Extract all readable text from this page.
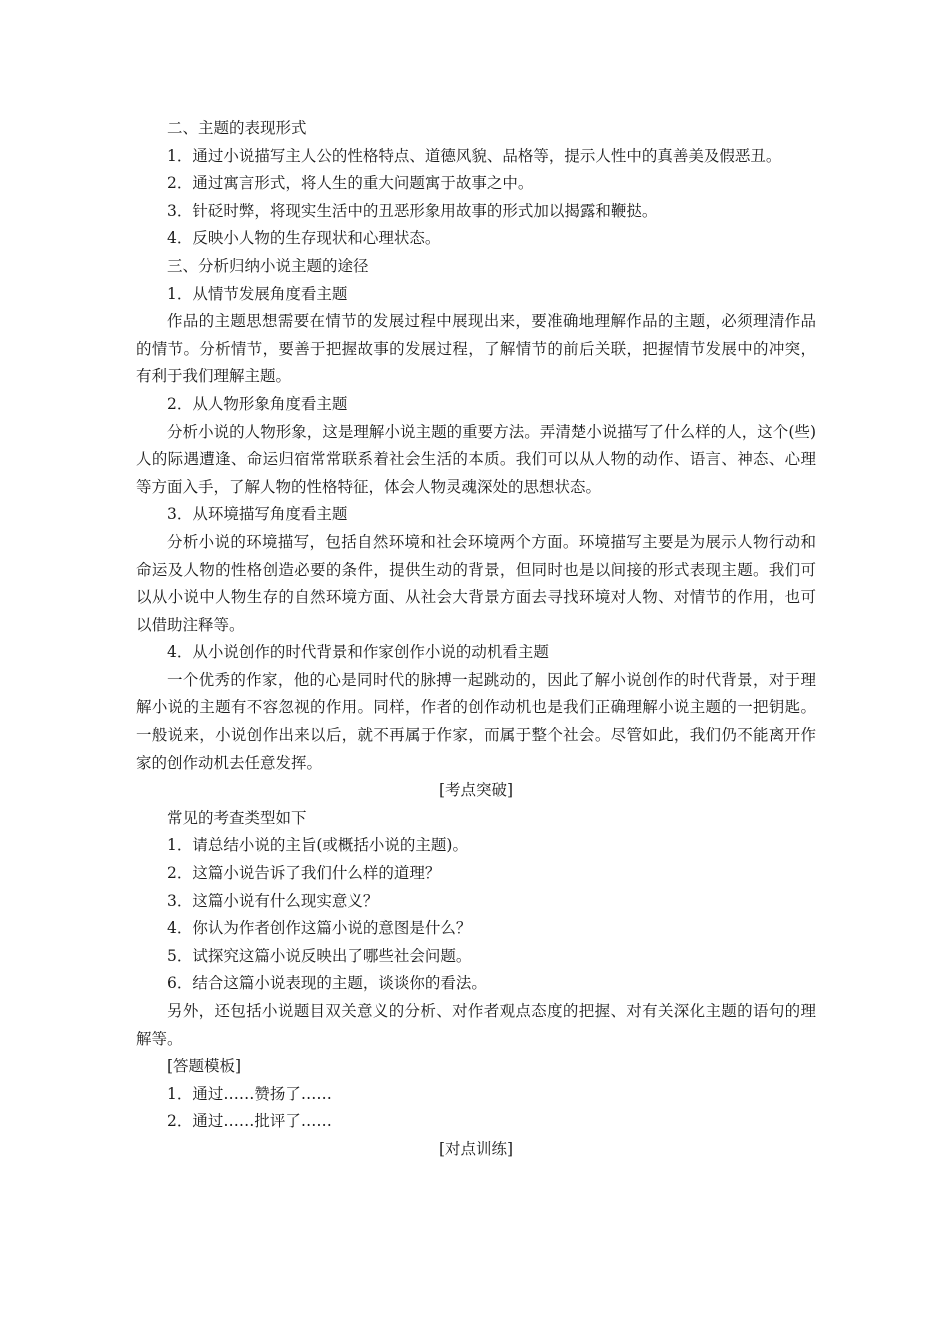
二、主题的表现形式

1．通过小说描写主人公的性格特点、道德风貌、品格等，提示人性中的真善美及假恶丑。

2．通过寓言形式，将人生的重大问题寓于故事之中。

3．针砭时弊，将现实生活中的丑恶形象用故事的形式加以揭露和鞭挞。

4．反映小人物的生存现状和心理状态。

三、分析归纳小说主题的途径

1．从情节发展角度看主题

作品的主题思想需要在情节的发展过程中展现出来，要准确地理解作品的主题，必须理清作品的情节。分析情节，要善于把握故事的发展过程，了解情节的前后关联，把握情节发展中的冲突，有利于我们理解主题。

2．从人物形象角度看主题

分析小说的人物形象，这是理解小说主题的重要方法。弄清楚小说描写了什么样的人，这个(些)人的际遇遭逢、命运归宿常常联系着社会生活的本质。我们可以从人物的动作、语言、神态、心理等方面入手，了解人物的性格特征，体会人物灵魂深处的思想状态。

3．从环境描写角度看主题

分析小说的环境描写，包括自然环境和社会环境两个方面。环境描写主要是为展示人物行动和命运及人物的性格创造必要的条件，提供生动的背景，但同时也是以间接的形式表现主题。我们可以从小说中人物生存的自然环境方面、从社会大背景方面去寻找环境对人物、对情节的作用，也可以借助注释等。

4．从小说创作的时代背景和作家创作小说的动机看主题

一个优秀的作家，他的心是同时代的脉搏一起跳动的，因此了解小说创作的时代背景，对于理解小说的主题有不容忽视的作用。同样，作者的创作动机也是我们正确理解小说主题的一把钥匙。一般说来，小说创作出来以后，就不再属于作家，而属于整个社会。尽管如此，我们仍不能离开作家的创作动机去任意发挥。

[考点突破]

常见的考查类型如下

1．请总结小说的主旨(或概括小说的主题)。

2．这篇小说告诉了我们什么样的道理？

3．这篇小说有什么现实意义？

4．你认为作者创作这篇小说的意图是什么？

5．试探究这篇小说反映出了哪些社会问题。

6．结合这篇小说表现的主题，谈谈你的看法。

另外，还包括小说题目双关意义的分析、对作者观点态度的把握、对有关深化主题的语句的理解等。

[答题模板]

1．通过……赞扬了……

2．通过……批评了……

[对点训练]
